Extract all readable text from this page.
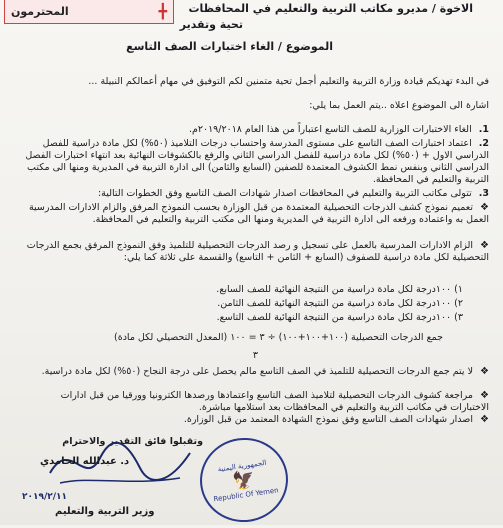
╋
المحترمون	الاخوة / مديرو مكاتب التربية والتعليم في المحافظات
تحية وتقدير
الموضوع / الغاء اختبارات الصف التاسع
في البدء تهديكم قيادة وزارة التربية والتعليم أجمل تحية متمنين لكم التوفيق في مهام أعمالكم النبيلة ...
اشارة الى الموضوع اعلاه ..يتم العمل بما يلي:
1. الغاء الاختبارات الوزارية للصف التاسع اعتباراً من هذا العام ٢٠١٩/٢٠١٨م.
2. اعتماد اختبارات الصف التاسع على مستوى المدرسة واحتساب درجات التلاميذ (٥٠%) لكل مادة دراسية للفصل الدراسي الاول + (٥٠%) لكل مادة دراسية للفصل الدراسي الثاني والرفع بالكشوفات النهائية بعد انتهاء اختبارات الفصل الدراسي الثاني وبنفس نمط الكشوف المعتمدة للصفين (السابع والثامن) الى ادارة التربية في المديرية ومنها الى مكتب التربية والتعليم في المحافظة.
3. تتولى مكاتب التربية والتعليم في المحافظات اصدار شهادات الصف التاسع وفق الخطوات التالية:
❖ تعميم نموذج كشف الدرجات التحصيلية المعتمدة من قبل الوزارة بحسب النموذج المرفق والزام الادارات المدرسية العمل به واعتماده ورفعه الى ادارة التربية في المديرية ومنها الى مكتب التربية والتعليم في المحافظة.
❖ الزام الادارات المدرسية بالعمل على تسجيل و رصد الدرجات التحصيلية للتلميذ وفق النموذج المرفق بجمع الدرجات التحصيلية لكل مادة دراسية للصفوف (السابع + الثامن + التاسع) والقسمة على ثلاثة كما يلي:
١) ١٠٠درجة لكل مادة دراسية من النتيجة النهائية للصف السابع.
٢) ١٠٠درجة لكل مادة دراسية من النتيجة النهائية للصف الثامن.
٣) ١٠٠درجة لكل مادة دراسية من النتيجة النهائية للصف التاسع.
جمع الدرجات التحصيلية (١٠٠+١٠٠+١٠٠) ÷ ٣ = ١٠٠ (المعدل التحصيلي لكل مادة)
٣
❖ لا يتم جمع الدرجات التحصيلية للتلميذ في الصف التاسع مالم يحصل على درجة النجاح (٥٠%) لكل مادة دراسية.
❖ مراجعة كشوف الدرجات التحصيلية لتلاميذ الصف التاسع واعتمادها ورصدها الكترونيا وورقيا من قبل ادارات الاختبارات في مكاتب التربية والتعليم في المحافظات بعد استلامها مباشرة.
❖ اصدار شهادات الصف التاسع وفق نموذج الشهادة المعتمد من قبل الوزارة.
وتقبلوا فائق التقدير والاحترام
د. عبدالله الحامدي
٢٠١٩/٢/١١
وزير التربية والتعليم
الجمهورية اليمنية
🦅
Republic Of Yemen
